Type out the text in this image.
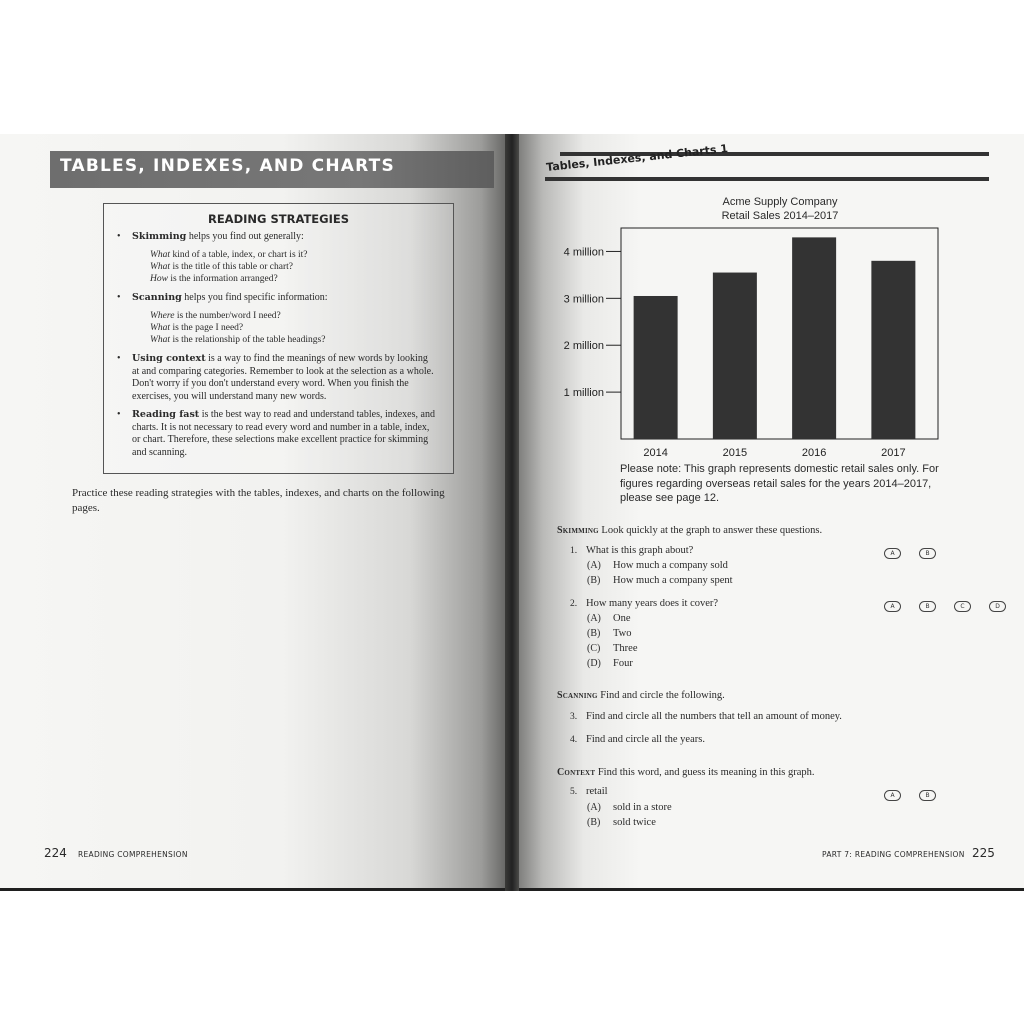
TABLES, INDEXES, AND CHARTS
READING STRATEGIES
• Skimming helps you find out generally:
What kind of a table, index, or chart is it?
What is the title of this table or chart?
How is the information arranged?
• Scanning helps you find specific information:
Where is the number/word I need?
What is the page I need?
What is the relationship of the table headings?
• Using context is a way to find the meanings of new words by looking at and comparing categories. Remember to look at the selection as a whole. Don't worry if you don't understand every word. When you finish the exercises, you will understand many new words.
• Reading fast is the best way to read and understand tables, indexes, and charts. It is not necessary to read every word and number in a table, index, or chart. Therefore, these selections make excellent practice for skimming and scanning.
Practice these reading strategies with the tables, indexes, and charts on the following pages.
224 READING COMPREHENSION
Tables, Indexes, and Charts 1
Acme Supply Company
Retail Sales 2014–2017
1 million
2 million
3 million
4 million
2014	2015	2016	2017
Please note: This graph represents domestic retail sales only. For figures regarding overseas retail sales for the years 2014–2017, please see page 12.
Skimming Look quickly at the graph to answer these questions.
1. What is this graph about?
(A) How much a company sold
(B) How much a company spent
A	B
2. How many years does it cover?
(A) One
(B) Two
(C) Three
(D) Four
A	B	C	D
Scanning Find and circle the following.
3. Find and circle all the numbers that tell an amount of money.
4. Find and circle all the years.
Context Find this word, and guess its meaning in this graph.
5. retail
(A) sold in a store
(B) sold twice
A	B
PART 7: READING COMPREHENSION 225
